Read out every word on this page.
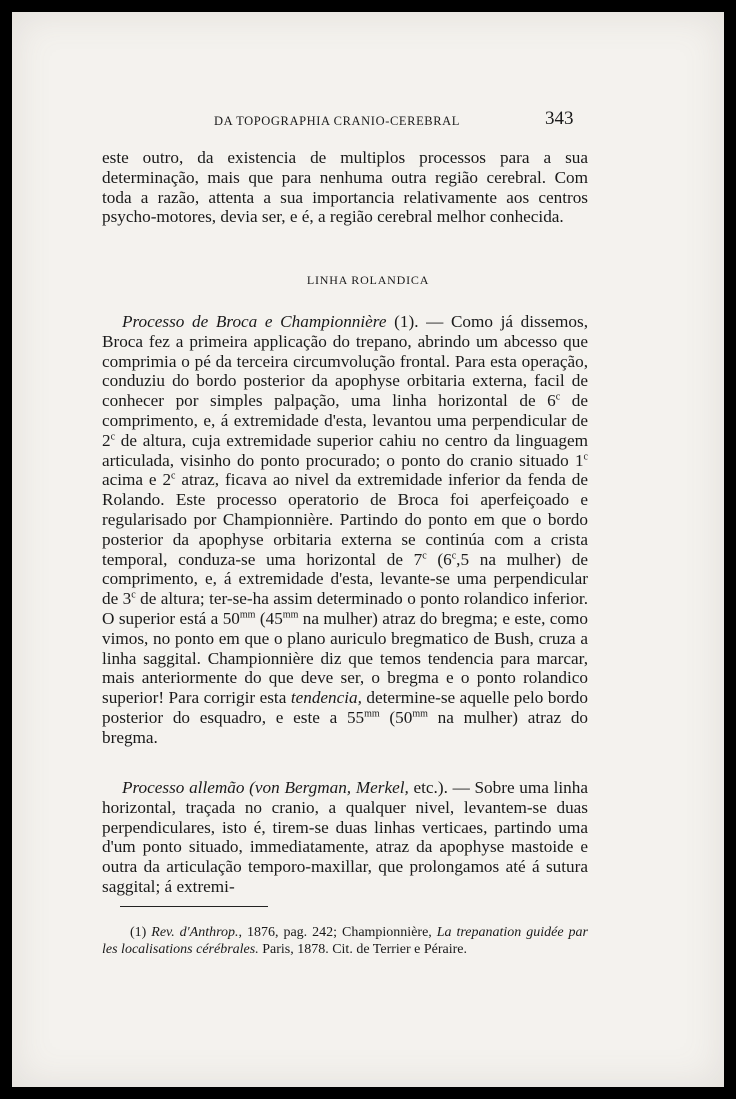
DA TOPOGRAPHIA CRANIO-CEREBRAL	343
este outro, da existencia de multiplos processos para a sua determinação, mais que para nenhuma outra região cerebral. Com toda a razão, attenta a sua importancia relativamente aos centros psycho-motores, devia ser, e é, a região cerebral melhor conhecida.
LINHA ROLANDICA
Processo de Broca e Championnière (1). — Como já dissemos, Broca fez a primeira applicação do trepano, abrindo um abcesso que comprimia o pé da terceira circumvolução frontal. Para esta operação, conduziu do bordo posterior da apophyse orbitaria externa, facil de conhecer por simples palpação, uma linha horizontal de 6$^c$ de comprimento, e, á extremidade d'esta, levantou uma perpendicular de 2$^c$ de altura, cuja extremidade superior cahiu no centro da linguagem articulada, visinho do ponto procurado; o ponto do cranio situado 1$^c$ acima e 2$^c$ atraz, ficava ao nivel da extremidade inferior da fenda de Rolando. Este processo operatorio de Broca foi aperfeiçoado e regularisado por Championnière. Partindo do ponto em que o bordo posterior da apophyse orbitaria externa se continúa com a crista temporal, conduza-se uma horizontal de 7$^c$ (6$^c$,5 na mulher) de comprimento, e, á extremidade d'esta, levante-se uma perpendicular de 3$^c$ de altura; ter-se-ha assim determinado o ponto rolandico inferior. O superior está a $50^{mm}$ ($45^{mm}$ na mulher) atraz do bregma; e este, como vimos, no ponto em que o plano auriculo bregmatico de Bush, cruza a linha saggital. Championnière diz que temos tendencia para marcar, mais anteriormente do que deve ser, o bregma e o ponto rolandico superior! Para corrigir esta tendencia, determine-se aquelle pelo bordo posterior do esquadro, e este a $55^{mm}$ ($50^{mm}$ na mulher) atraz do bregma.
Processo allemão (von Bergman, Merkel, etc.). — Sobre uma linha horizontal, traçada no cranio, a qualquer nivel, levantem-se duas perpendiculares, isto é, tirem-se duas linhas verticaes, partindo uma d'um ponto situado, immediatamente, atraz da apophyse mastoide e outra da articulação temporo-maxillar, que prolongamos até á sutura saggital; á extremi-
(1) Rev. d'Anthrop., 1876, pag. 242; Championnière, La trepanation guidée par les localisations cérébrales. Paris, 1878. Cit. de Terrier e Péraire.
